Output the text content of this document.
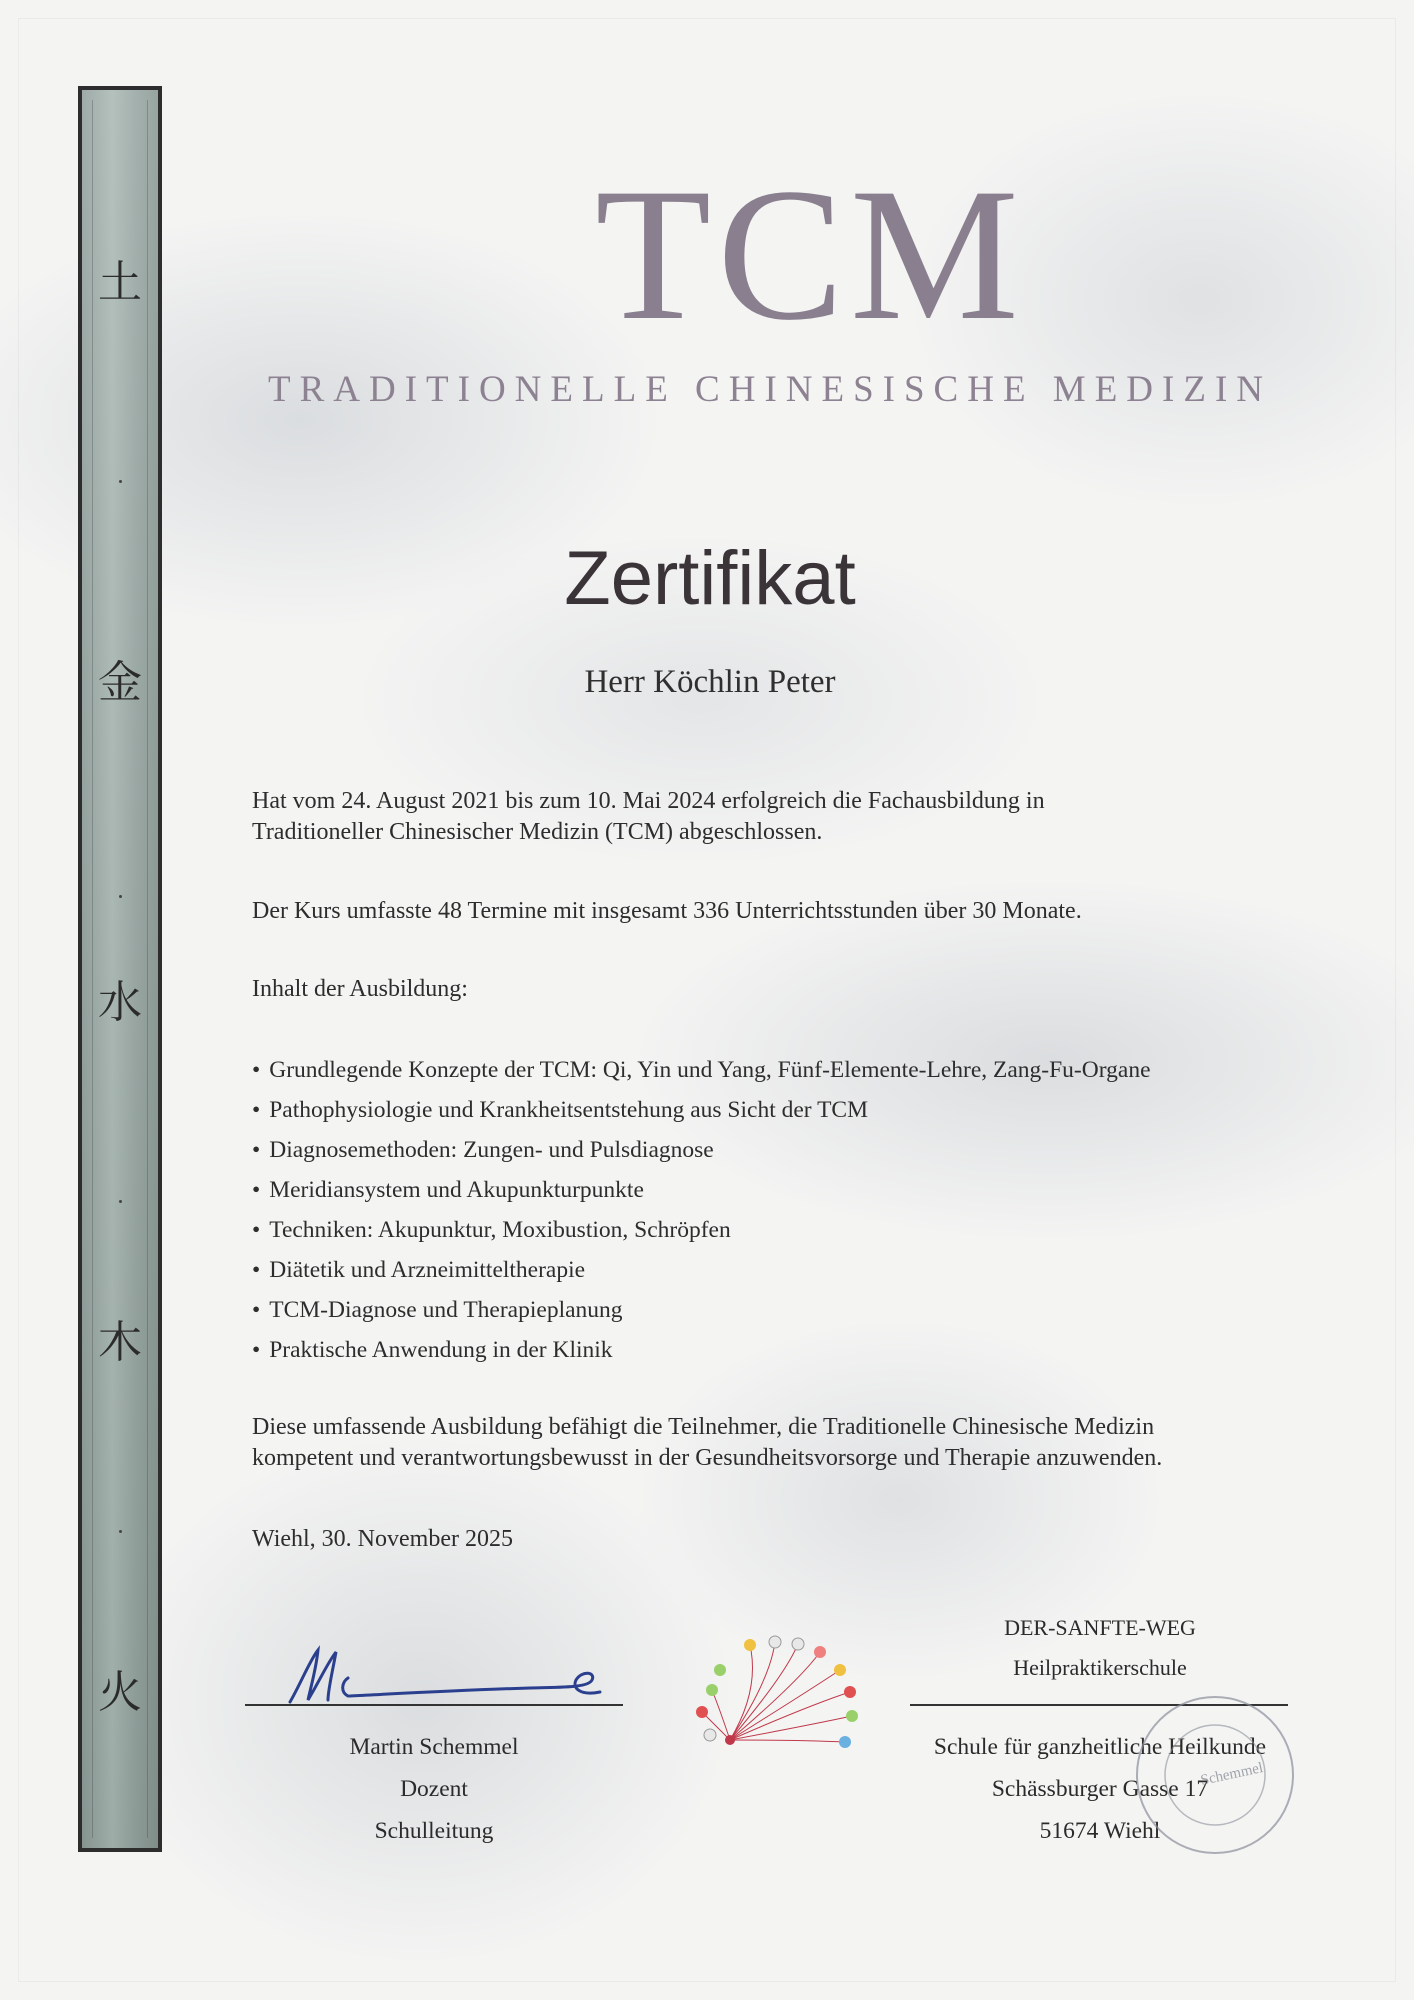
土
金
水
木
火
TCM
TRADITIONELLE CHINESISCHE MEDIZIN
Zertifikat
Herr Köchlin Peter
Hat vom 24. August 2021 bis zum 10. Mai 2024 erfolgreich die Fachausbildung in
Traditioneller Chinesischer Medizin (TCM) abgeschlossen.
Der Kurs umfasste 48 Termine mit insgesamt 336 Unterrichtsstunden über 30 Monate.
Inhalt der Ausbildung:
• Grundlegende Konzepte der TCM: Qi, Yin und Yang, Fünf-Elemente-Lehre, Zang-Fu-Organe
• Pathophysiologie und Krankheitsentstehung aus Sicht der TCM
• Diagnosemethoden: Zungen- und Pulsdiagnose
• Meridiansystem und Akupunkturpunkte
• Techniken: Akupunktur, Moxibustion, Schröpfen
• Diätetik und Arzneimitteltherapie
• TCM-Diagnose und Therapieplanung
• Praktische Anwendung in der Klinik
Diese umfassende Ausbildung befähigt die Teilnehmer, die Traditionelle Chinesische Medizin
kompetent und verantwortungsbewusst in der Gesundheitsvorsorge und Therapie anzuwenden.
Wiehl, 30. November 2025
Martin Schemmel
Dozent
Schulleitung
DER-SANFTE-WEG
Heilpraktikerschule
Schule für ganzheitliche Heilkunde
Schässburger Gasse 17
51674 Wiehl
Schemmel
